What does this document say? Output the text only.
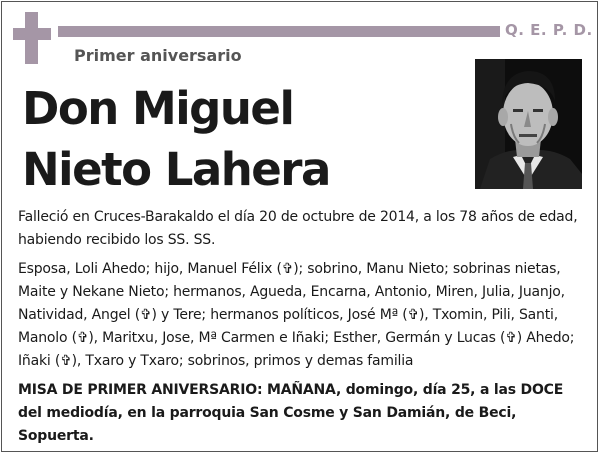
Q. E. P. D.
Primer aniversario
Don Miguel
Nieto Lahera
Falleció en Cruces-Barakaldo el día 20 de octubre de 2014, a los 78 años de edad, habiendo recibido los SS. SS.
Esposa, Loli Ahedo; hijo, Manuel Félix (✞); sobrino, Manu Nieto; sobrinas nietas, Maite y Nekane Nieto; hermanos, Agueda, Encarna, Antonio, Miren, Julia, Juanjo, Natividad, Angel (✞) y Tere; hermanos políticos, José Mª (✞), Txomin, Pili, Santi, Manolo (✞), Maritxu, Jose, Mª Carmen e Iñaki; Esther, Germán y Lucas (✞) Ahedo; Iñaki (✞), Txaro y Txaro; sobrinos, primos y demas familia
MISA DE PRIMER ANIVERSARIO: MAÑANA, domingo, día 25, a las DOCE del mediodía, en la parroquia San Cosme y San Damián, de Beci, Sopuerta.
